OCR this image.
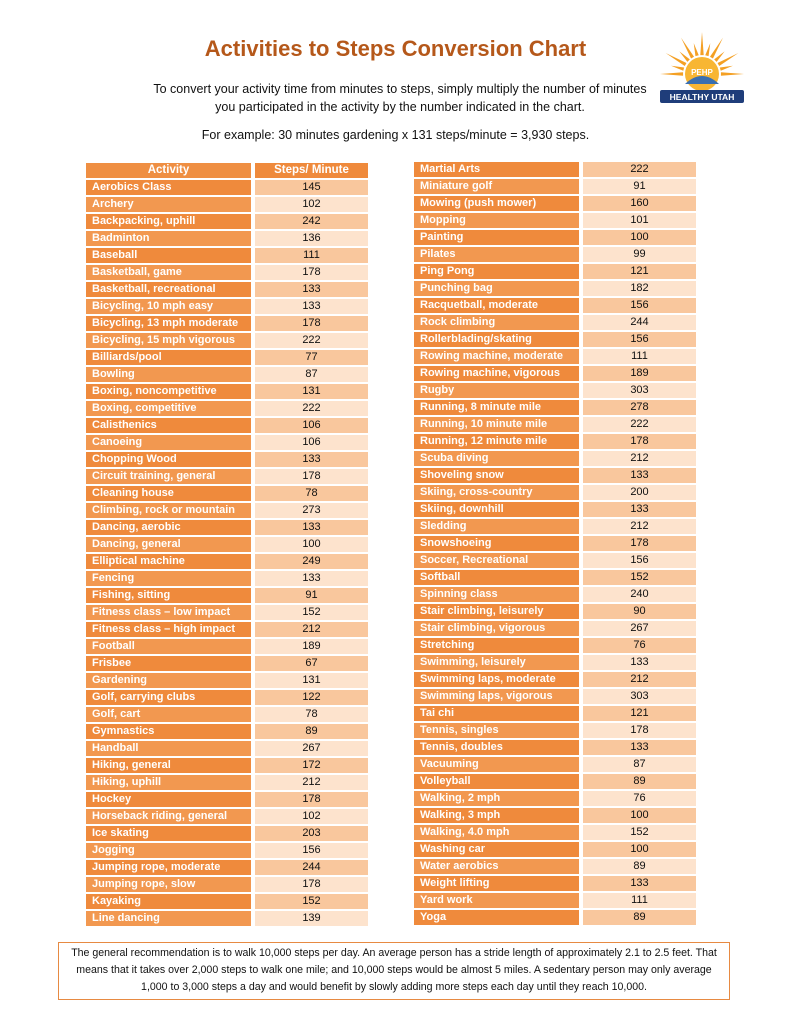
Activities to Steps Conversion Chart
To convert your activity time from minutes to steps, simply multiply the number of minutes you participated in the activity by the number indicated in the chart.
For example: 30 minutes gardening x 131 steps/minute = 3,930 steps.
PEHP
HEALTHY UTAH
Activity		Steps/ Minute
Aerobics Class		145
Archery		102
Backpacking, uphill		242
Badminton		136
Baseball		111
Basketball, game		178
Basketball, recreational		133
Bicycling, 10 mph easy		133
Bicycling, 13 mph moderate		178
Bicycling, 15 mph vigorous		222
Billiards/pool		77
Bowling		87
Boxing, noncompetitive		131
Boxing, competitive		222
Calisthenics		106
Canoeing		106
Chopping Wood		133
Circuit training, general		178
Cleaning house		78
Climbing, rock or mountain		273
Dancing, aerobic		133
Dancing, general		100
Elliptical machine		249
Fencing		133
Fishing, sitting		91
Fitness class – low impact		152
Fitness class – high impact		212
Football		189
Frisbee		67
Gardening		131
Golf, carrying clubs		122
Golf, cart		78
Gymnastics		89
Handball		267
Hiking, general		172
Hiking, uphill		212
Hockey		178
Horseback riding, general		102
Ice skating		203
Jogging		156
Jumping rope, moderate		244
Jumping rope, slow		178
Kayaking		152
Line dancing		139
Martial Arts		222
Miniature golf		91
Mowing (push mower)		160
Mopping		101
Painting		100
Pilates		99
Ping Pong		121
Punching bag		182
Racquetball, moderate		156
Rock climbing		244
Rollerblading/skating		156
Rowing machine, moderate		111
Rowing machine, vigorous		189
Rugby		303
Running, 8 minute mile		278
Running, 10 minute mile		222
Running, 12 minute mile		178
Scuba diving		212
Shoveling snow		133
Skiing, cross-country		200
Skiing, downhill		133
Sledding		212
Snowshoeing		178
Soccer, Recreational		156
Softball		152
Spinning class		240
Stair climbing, leisurely		90
Stair climbing, vigorous		267
Stretching		76
Swimming, leisurely		133
Swimming laps, moderate		212
Swimming laps, vigorous		303
Tai chi		121
Tennis, singles		178
Tennis, doubles		133
Vacuuming		87
Volleyball		89
Walking, 2 mph		76
Walking, 3 mph		100
Walking, 4.0 mph		152
Washing car		100
Water aerobics		89
Weight lifting		133
Yard work		111
Yoga		89
The general recommendation is to walk 10,000 steps per day. An average person has a stride length of approximately 2.1 to 2.5 feet. That means that it takes over 2,000 steps to walk one mile; and 10,000 steps would be almost 5 miles. A sedentary person may only average 1,000 to 3,000 steps a day and would benefit by slowly adding more steps each day until they reach 10,000.
